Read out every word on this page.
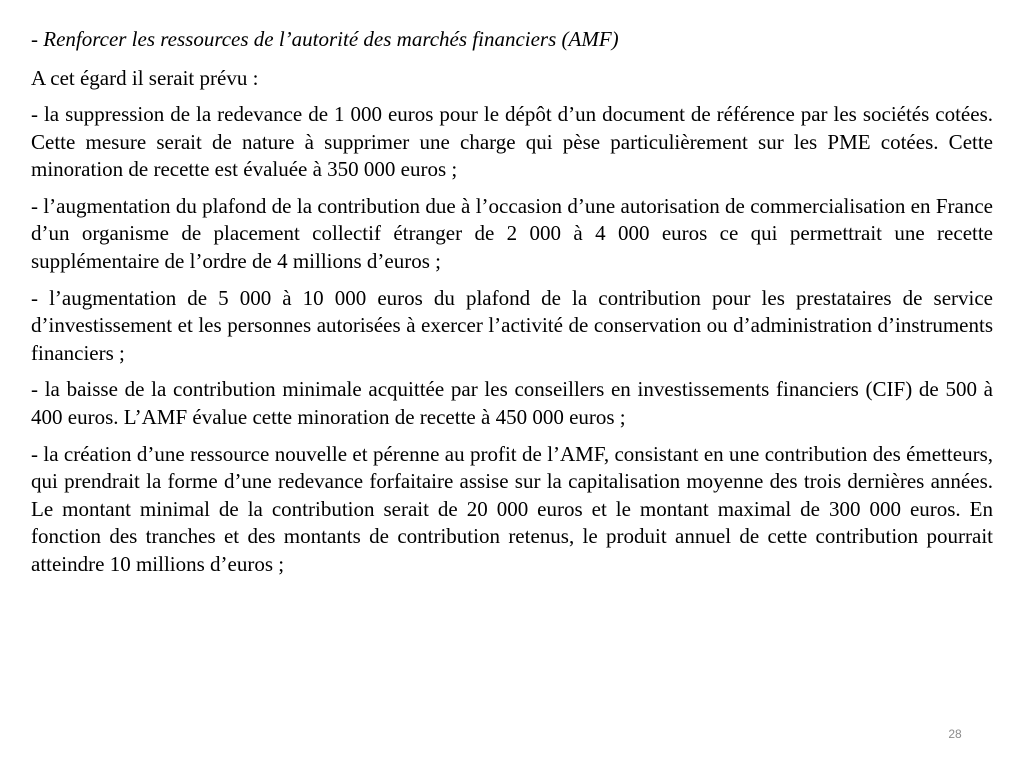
- Renforcer les ressources de l’autorité des marchés financiers (AMF)

A cet égard il serait prévu :

- la suppression de la redevance de 1 000 euros pour le dépôt d’un document de référence par les sociétés cotées. Cette mesure serait de nature à supprimer une charge qui pèse particulièrement sur les PME cotées. Cette minoration de recette est évaluée à 350 000 euros ;

- l’augmentation du plafond de la contribution due à l’occasion d’une autorisation de commercialisation en France d’un organisme de placement collectif étranger de 2 000 à 4 000 euros ce qui permettrait une recette supplémentaire de l’ordre de 4 millions d’euros ;

- l’augmentation de 5 000 à 10 000 euros du plafond de la contribution pour les prestataires de service d’investissement et les personnes autorisées à exercer l’activité de conservation ou d’administration d’instruments financiers ;

- la baisse de la contribution minimale acquittée par les conseillers en investissements financiers (CIF) de 500 à 400 euros. L’AMF évalue cette minoration de recette à 450 000 euros ;

- la création d’une ressource nouvelle et pérenne au profit de l’AMF, consistant en une contribution des émetteurs, qui prendrait la forme d’une redevance forfaitaire assise sur la capitalisation moyenne des trois dernières années. Le montant minimal de la contribution serait de 20 000 euros et le montant maximal de 300 000 euros. En fonction des tranches et des montants de contribution retenus, le produit annuel de cette contribution pourrait atteindre 10 millions d’euros ;

28
